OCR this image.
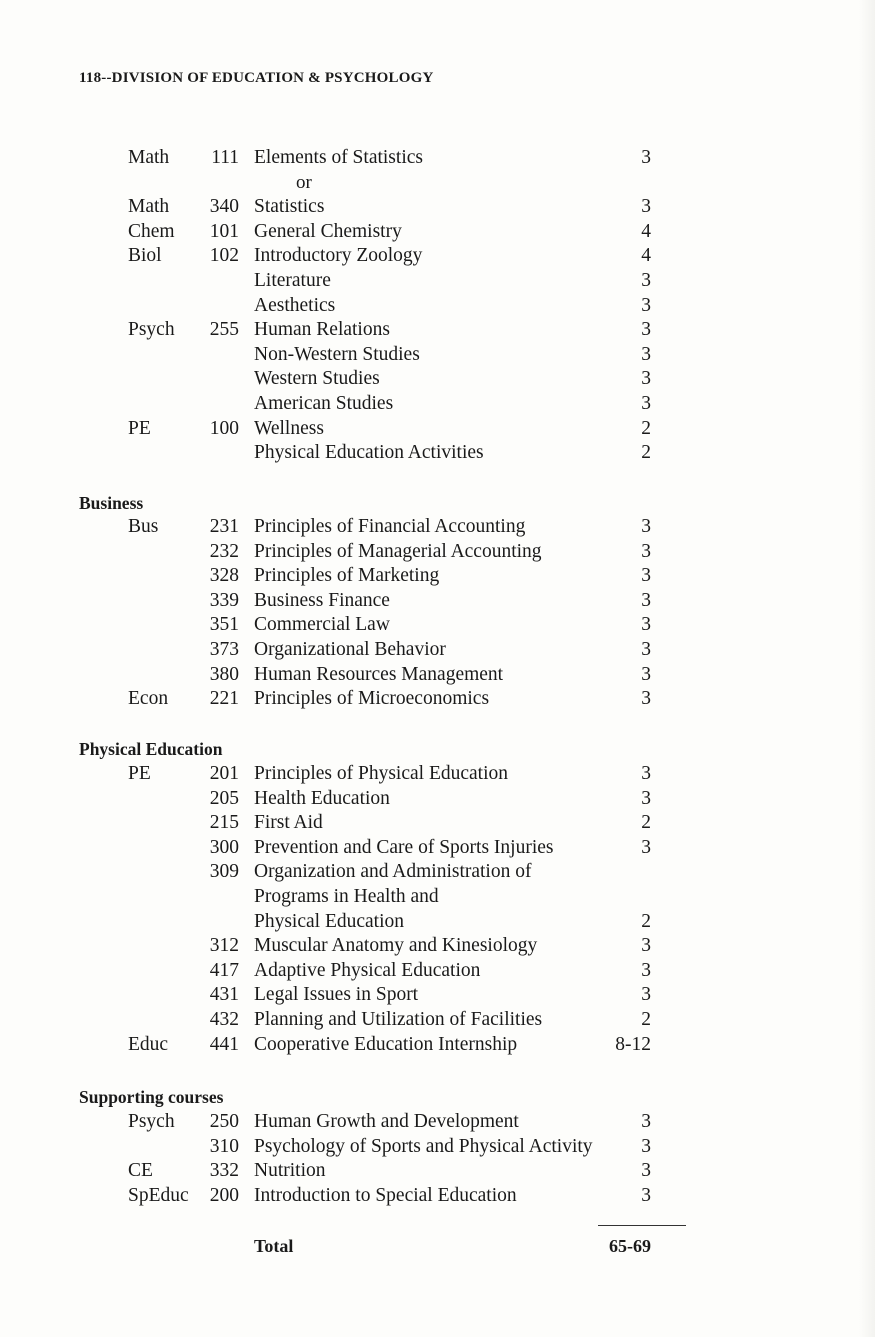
118--DIVISION OF EDUCATION & PSYCHOLOGY
Math 111 Elements of Statistics	3
or
Math 340 Statistics	3
Chem 101 General Chemistry	4
Biol 102 Introductory Zoology	4
Literature	3
Aesthetics	3
Psych 255 Human Relations	3
Non-Western Studies	3
Western Studies	3
American Studies	3
PE	100 Wellness	2
Physical Education Activities	2
Business
Bus	231 Principles of Financial Accounting	3
232 Principles of Managerial Accounting	3
328 Principles of Marketing	3
339 Business Finance	3
351 Commercial Law	3
373 Organizational Behavior	3
380 Human Resources Management	3
Econ 221 Principles of Microeconomics	3
Physical Education
PE	201 Principles of Physical Education	3
205 Health Education	3
215 First Aid	2
300 Prevention and Care of Sports Injuries	3
309 Organization and Administration of
Programs in Health and
Physical Education	2
312 Muscular Anatomy and Kinesiology	3
417 Adaptive Physical Education	3
431 Legal Issues in Sport	3
432 Planning and Utilization of Facilities	2
Educ 441 Cooperative Education Internship	8-12
Supporting courses
Psych 250 Human Growth and Development	3
310 Psychology of Sports and Physical Activity 3
CE	332 Nutrition	3
SpEduc 200 Introduction to Special Education	3
Total	65-69
